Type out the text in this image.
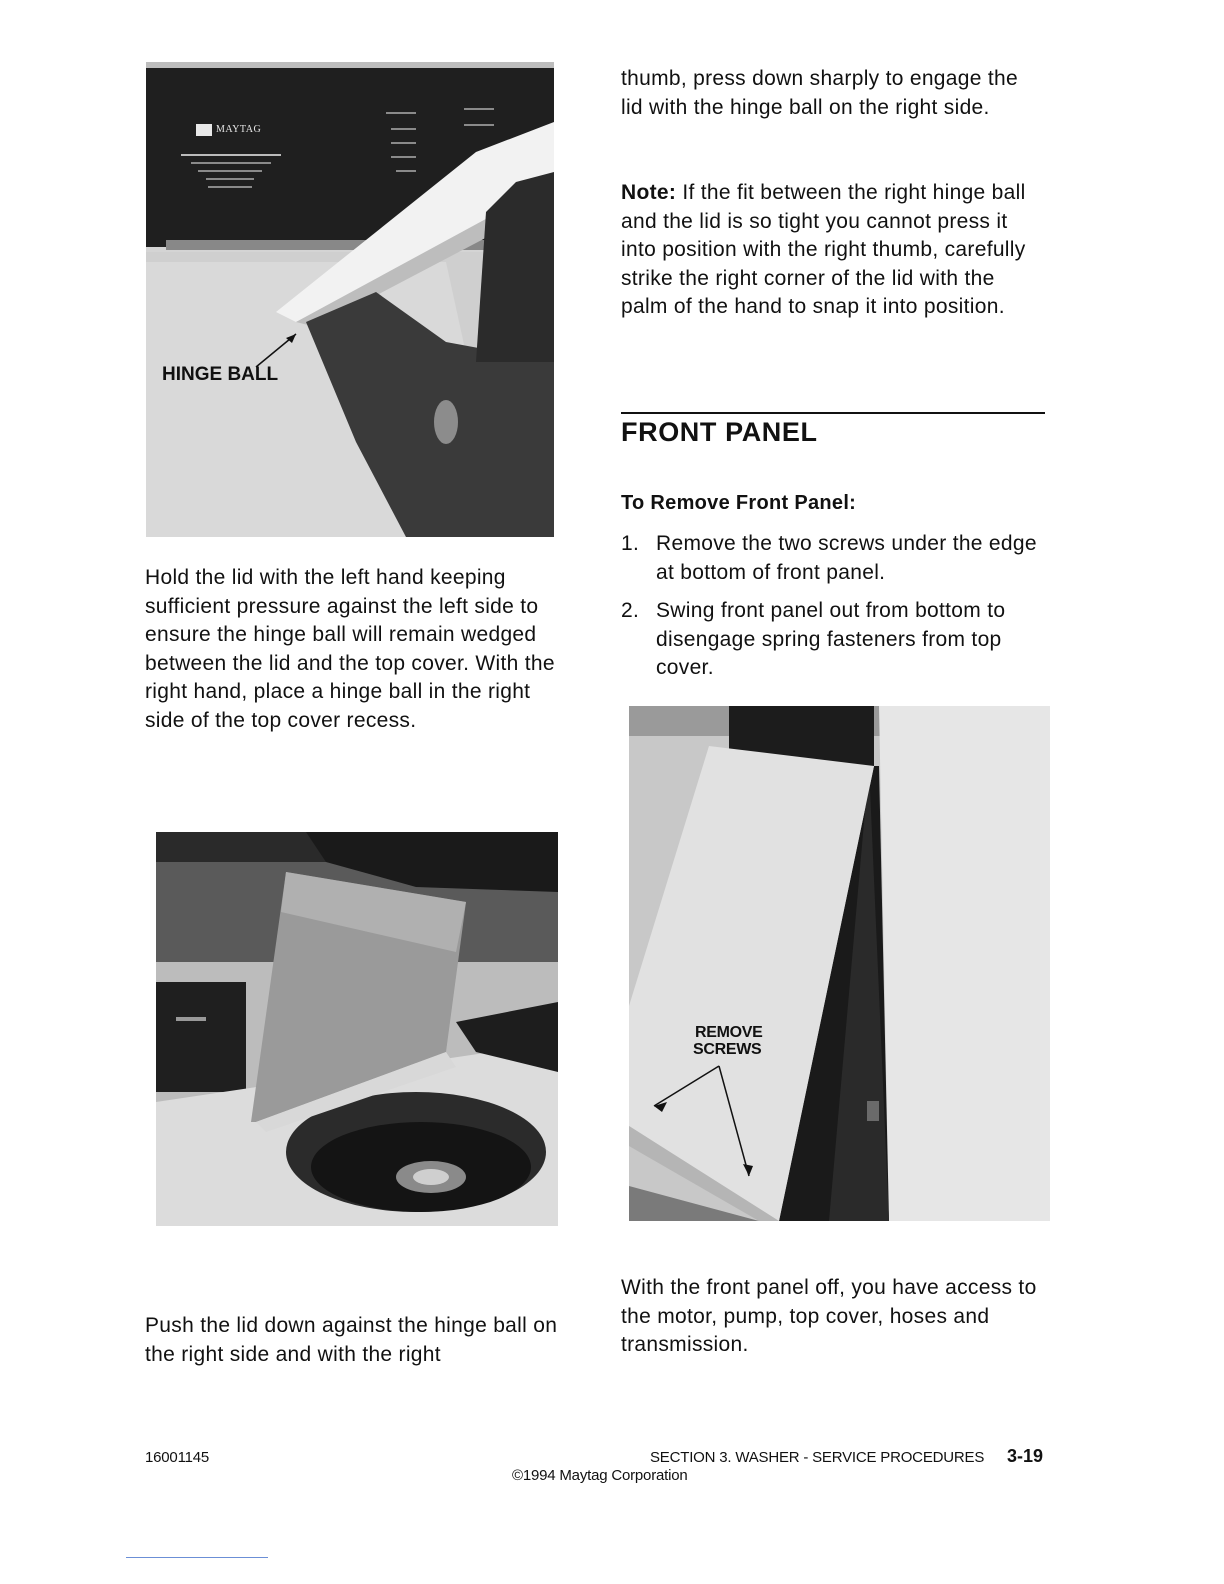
HINGE BALL
MAYTAG
Hold the lid with the left hand keeping sufficient pressure against the left side to ensure the hinge ball will remain wedged between the lid and the top cover. With the right hand, place a hinge ball in the right side of the top cover recess.
Push the lid down against the hinge ball on the right side and with the right
thumb, press down sharply to engage the lid with the hinge ball on the right side.
Note: If the fit between the right hinge ball and the lid is so tight you cannot press it into position with the right thumb, carefully strike the right corner of the lid with the palm of the hand to snap it into position.
FRONT PANEL
To Remove Front Panel:
1. Remove the two screws under the edge at bottom of front panel.
2. Swing front panel out from bottom to disengage spring fasteners from top cover.
REMOVE
SCREWS
With the front panel off, you have access to the motor, pump, top cover, hoses and transmission.
16001145	SECTION 3. WASHER - SERVICE PROCEDURES 3-19
©1994 Maytag Corporation
